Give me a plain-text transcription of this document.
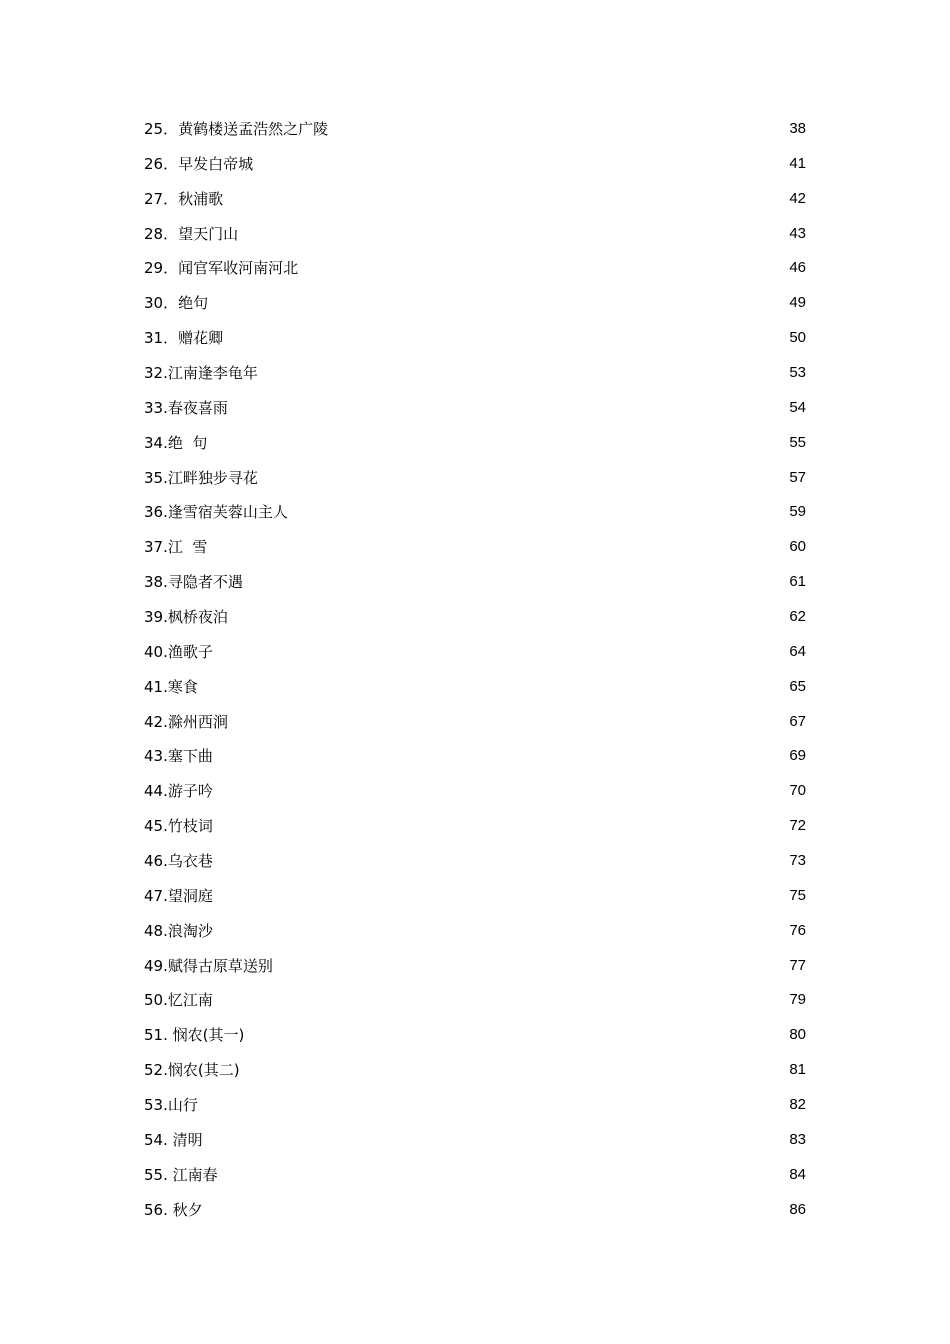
25．黄鹤楼送孟浩然之广陵	38
26．早发白帝城	41
27．秋浦歌	42
28．望天门山	43
29．闻官军收河南河北	46
30．绝句	49
31．赠花卿	50
32.江南逢李龟年	53
33.春夜喜雨	54
34.绝  句	55
35.江畔独步寻花	57
36.逢雪宿芙蓉山主人	59
37.江  雪	60
38.寻隐者不遇	61
39.枫桥夜泊	62
40.渔歌子	64
41.寒食	65
42.滁州西涧	67
43.塞下曲	69
44.游子吟	70
45.竹枝词	72
46.乌衣巷	73
47.望洞庭	75
48.浪淘沙	76
49.赋得古原草送别	77
50.忆江南	79
51. 悯农(其一)	80
52.悯农(其二)	81
53.山行	82
54. 清明	83
55. 江南春	84
56. 秋夕	86
